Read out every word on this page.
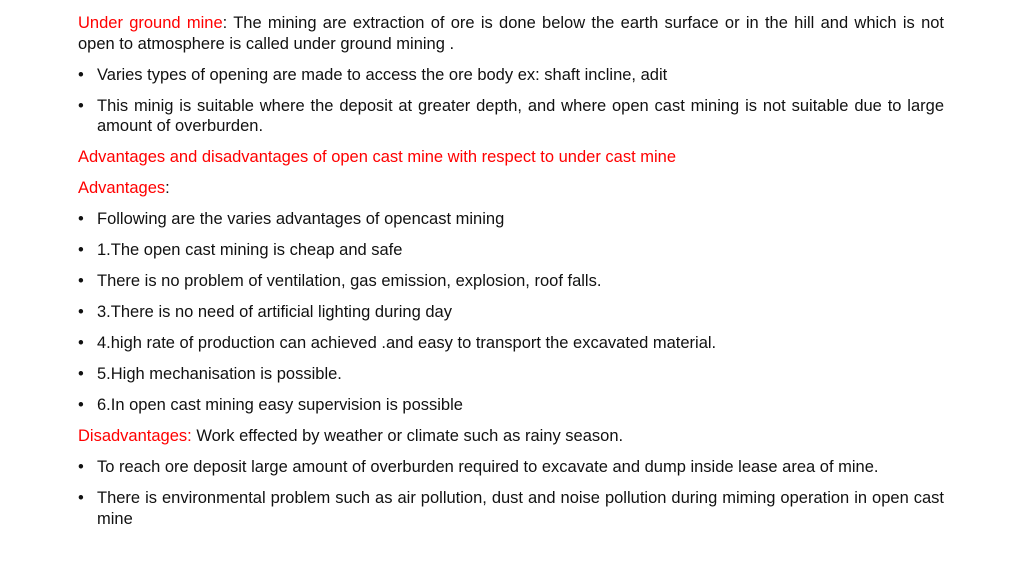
Under ground mine: The mining are extraction of ore is done below the earth surface or in the hill and which is not open to atmosphere is called under ground mining .

• Varies types of opening are made to access the ore body ex: shaft incline, adit

• This minig is suitable where the deposit at greater depth, and where open cast mining is not suitable due to large amount of overburden.

Advantages and disadvantages of open cast mine with respect to under cast mine

Advantages:

• Following are the varies advantages of opencast mining

• 1.The open cast mining is cheap and safe

• There is no problem of ventilation, gas emission, explosion, roof falls.

• 3.There is no need of artificial lighting during day

• 4.high rate of production can achieved .and easy to transport the excavated material.

• 5.High mechanisation is possible.

• 6.In open cast mining easy supervision is possible

Disadvantages: Work effected by weather or climate such as rainy season.

• To reach ore deposit large amount of overburden required to excavate and dump inside lease area of mine.

• There is environmental problem such as air pollution, dust and noise pollution during miming operation in open cast mine
